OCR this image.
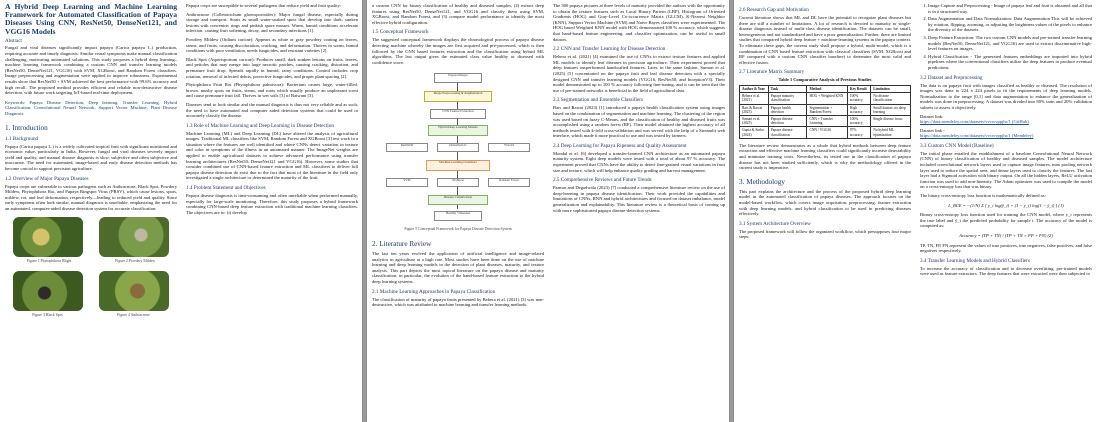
A Hybrid Deep Learning and Machine Learning Framework for Automated Classification of Papaya Diseases Using CNN, ResNet50, DenseNet121, and VGG16 Models
Abstract

Fungal and viral diseases significantly impact papaya (Carica papaya L.) production, requiring accurate and timely diagnosis. Similar visual symptoms make manual classification challenging, motivating automated solutions. This study proposes a hybrid deep learning–machine learning framework combining a custom CNN and transfer learning models (ResNet50, DenseNet121, VGG16) with SVM, XGBoost, and Random Forest classifiers. Image preprocessing and augmentation were applied to improve robustness. Experimental results show that ResNet50 + SVM achieved the best performance with 99.6% accuracy and high recall. The proposed method provides efficient and reliable non-destructive disease detection, with future work targeting IoT-based real-time deployment.

Keywords: Papaya Disease Detection, Deep learning, Transfer Learning, Hybrid Classification, Convolutional Neural Network, Support Vector Machine, Plant Disease Diagnosis.

1. Introduction
1.1 Background

Papaya (Carica papaya L.) is a widely cultivated tropical fruit with significant nutritional and economic value, particularly in India. However, fungal and viral diseases severely impact yield and quality, and manual disease diagnosis is slow, subjective and often subjective and inaccurate. The need for automated, image-based and early disease detection methods has become crucial to support precision agriculture.

1.2 Overview of Major Papaya Diseases

Papaya crops are vulnerable to various pathogens such as Anthracnose, Black Spot, Powdery Mildew, Phytophthora Rot, and Papaya Ringspot Virus (PRSV), which cause lesions, spots, mildew, rot, and leaf deformation, respectively—leading to reduced yield and quality. Since early symptoms often look similar, manual diagnosis is unreliable, emphasizing the need for an automated, computer-aided disease detection system for accurate classification.

Figure 1 Phytophthora Blight	Figure 2 Powdery Mildew
Figure 3 Black Spot	Figure 4 Anthracnose

Papaya crops are susceptible to several pathogens that reduce yield and fruit quality:

Anthracnose (Colletotrichum gloeosporioides): Major fungal disease, especially during storage and transport. Starts as small water-soaked spots that develop into dark, sunken lesions with concentric rings and pinkish spore masses. Warm, humid conditions accelerate infection, causing fruit softening, decay, and secondary infections [1].

Powdery Mildew (Oidium caricae): Appears as white or gray powdery coating on leaves, stems, and fruits, causing discoloration, cracking, and deformation. Thrives in warm, humid conditions with poor ventilation, needs fungicides, and resistant varieties [2].

Black Spot (Asperisporium caricae): Produces small, dark sunken lesions on fruits, leaves, and petioles that may merge into large necrotic patches, causing cracking, distortion, and premature fruit drop. Spreads rapidly in humid, rainy conditions. Control includes crop rotation, removal of infected debris, protective fungicides, and proper plant spacing [2].

Phytophthora Fruit Rot (Phytophthora palmivora): Bacterium causes large, water-filled, brown, mushy spots on fruits, stems, and roots which usually produce an unpleasant scent and cause premature fruit fall. Thrives in wet soils [3] of Batwani [3].

Diseases tend to look similar and the manual diagnosis is thus not very reliable and as such, the need to have automated and computer aided detection systems that could be used to accurately classify the disease.

1.3 Role of Machine Learning and Deep Learning in Disease Detection

Machine Learning (ML) and Deep Learning (DL) have altered the analysis of agricultural images. Traditional ML classifiers like SVM, Random Forest and XGBoost [3] test work in a situation where the features are well identified and where CNNs detect variation in texture and color in symptoms of the illness in an automated manner. The ImageNet weights are applied to enable agricultural datasets to achieve advanced performance using transfer learning architectures (ResNet50, DenseNet121 and VGG16). However, some studies that consider combined use of CNN-based feature extraction and ML classifiers to deliver full papaya disease detection do exist due to the fact that most of the literature in the field only investigated a single architecture or determined the maturity of the fruit.

1.4 Problem Statement and Objectives

Papaya disease diagnosis is time-consuming and often unreliable when performed manually, especially for large-scale monitoring. Therefore, this study proposes a hybrid framework combining CNN-based deep feature extraction with traditional machine learning classifiers. The objectives are to: (i) develop

a custom CNN for binary classification of healthy and diseased samples, (2) extract deep features using ResNet50, DenseNet121, and VGG16 and classify them using SVM, XGBoost, and Random Forest, and (3) compare model performance to identify the most effective hybrid configuration.

1.5 Conceptual Framework

The suggested conceptual framework displays the chronological process of papaya disease detecting machine whereby the images are first acquired and pre-processed, which is then followed by the CNN based features extraction and the classification using hybrid ML algorithms. The last output gives the estimated class value healthy or diseased with confidence score.

Papaya Images
Image Preprocessing & Augmentation
CNN Feature Extraction
Hybrid Deep Learning Models
ResNet50	DenseNet121	VGG16
Machine Learning Classifiers
SVM	XGBoost	Random Forest
Disease Classification
Healthy / Diseased
Figure 5 Conceptual Framework for Papaya Disease Detection System
2. Literature Review

The last ten years evolved the application of artificial intelligence and image-related analytics in agriculture at a high rate. Most studies have been done on the use of machine learning and deep learning models in the detection of plant diseases, maturity, and texture analysis. This part depicts the most topical literature on the papaya disease and maturity classification, in particular, the evolution of the hand-based feature extraction to the hybrid deep learning systems.

2.1 Machine Learning Approaches in Papaya Classification

The classification of maturity of papaya fruits presented by Behera et al. (2021) [3] was non-destructive, which was attributed to machine learning and transfer learning methods.

The 300 papaya pictures at three levels of maturity provided the authors with the opportunity to obtain the texture features such as Local Binary Pattern (LBP), Histogram of Oriented Gradients (HOG) and Gray-Level Co-occurrence Matrix (GLCM). K-Nearest Neighbor (KNN), Support Vector Machine (SVM) and Naive Bayes classifiers were experimented. The HOG based Weighted KNN model with HOG demonstrated 100 % accuracy, which suggests that hand-based feature engineering, and classifier optimization, can be useful in small dataset.

2.2 CNN and Transfer Learning for Disease Detection

Behera et al. (2021) [4] examined the use of CNNs to extract texture features and applied ML models to identify leaf diseases in precision agriculture. Their experiment proved that deep features outperformed handcrafted features. Later, in the same fashion, Sumari et al. (2025) [5] concentrated on the papaya fruit and leaf disease detection with a specially designed CNN and transfer learning models (VGG16, ResNet50, and InceptionV3). Their model demonstrated up to 100 % accuracy following fine-tuning, and it can be seen that the use of pre-trained networks is beneficial in the field of agricultural data.

2.3 Segmentation and Ensemble Classifiers

Bais and Rawat (2023) [1] introduced a papaya health classification system using images based on the combination of segmentation and machine learning. The clustering of the region was used based on fuzzy C-Means, and the classification of healthy and diseased fruits was accomplished using a random forest (RF). Their model obtained the highest accuracy of all methods tested with k-fold cross-validation and was served with the help of a Streamlit web interface, which made it more practical to use and was tested by farmers.

2.4 Deep Learning for Papaya Ripeness and Quality Assessment

Mondal et al. [6] developed a transfer-learned CNN architecture as an automated papaya maturity system. Eight deep models were tested with a total of about 97 % accuracy. The experiment proved that CNNs have the ability to detect fine-grained visual variations in fruit size and texture, which will help enhance quality grading and harvest management.

2.5 Comprehensive Reviews and Future Trends

Parmar and Degadwala (2023) [7] conducted a comprehensive literature review on the use of deep-learning in papaya disease identification. Their work provided the capabilities and limitations of CNNs, RNN and hybrid architectures and focused on dataset imbalance, model generalization and explainability. This literature review is a theoretical basis of coming up with more sophisticated papaya disease-detection systems.

2.6 Research Gap and Motivation

Current literature shows that ML and DL have the potential to recognize plant diseases but there are still a number of limitations. A lot of research is devoted to maturity or single-disease diagnosis instead of multi-class disease identification. The datasets can be small, heterogeneous and not standardized and have a poor generalization. Further, there are limited studies that compared hybrid deep feature + machine-learning systems in the papaya context. To eliminate these gaps, the current study shall propose a hybrid, multi-model, which is a combination of CNN based feature extraction with classical classifiers (SVM, XGBoost and RF compared with a custom CNN classifier baseline) to determine the most valid and effective fusion.

2.7 Literature Matrix Summary
Table 1 Comparative Analysis of Previous Studies
Author & Year	Task	Method	Key Result	Limitation
Behera et al. (2021)	Papaya maturity classification	HOG + Weighted KNN	100% accuracy	No disease classification
Bais & Rawat (2023)	Papaya health detection	Segmentation + Random Forest	High accuracy	Small dataset; no deep learning
Sumari et al. (2025)	Papaya disease detection	CNN + Transfer Learning	100% accuracy	Single disease focus
Gupta & Sinha (2024)	Papaya disease classification	CNN / VGG16	97% accuracy	No hybrid ML optimization

The literature review demonstrates as a whole that hybrid methods between deep feature extraction and effective machine learning classifiers could significantly increase detectability and minimize training costs. Nevertheless, its tested use in the classification of papaya disease has not been studied sufficiently, which is why the methodology offered in the current study is imperative.

3. Methodology

This part explains the architecture and the process of the proposed hybrid deep learning model in the automated classification of papaya diseases. The approach focuses on the model-based workflow, which covers image acquisition, preprocessing, feature extraction with deep learning models, and hybrid classification to be used in predicting diseases effectively.

3.1 System Architecture Overview

The proposed framework will follow the organized workflow, which presupposes four major steps:

1. Image Capture and Preprocessing - Image of papaya leaf and fruit is obtained and all that is in a structured way.
2. Data Augmentation and Data Normalization: Data Augmentation This will be achieved by rotation, flipping, zooming, or adjusting the brightness values of the pixels to enhance the diversity of the datasets.
3. Deep Feature Extraction: The two custom CNN models and pre-trained transfer learning models (ResNet50, DenseNet121, and VGG16) are used to extract discriminative high-level features on images.
4. Hybrid Classification - The generated features embeddings are imported into hybrid pipelines where the conventional classifiers utilize the deep features to produce eventual predictions.
3.2 Dataset and Preprocessing

The data is on papaya fruit with images classified as healthy or diseased. The resolution of images was done to 224 x 224 pixels to fit the requirements of deep learning models. Normalization to the range [0,1] and data augmentation to enhance the generalization of models was done in preprocessing. A dataset was divided into 80% train and 20% validation subsets to assess it objectively.

Dataset link:

https://data.mendeley.com/datasets/vvcwvppjhr/1 (GitHub)

Dataset link -

https://data.mendeley.com/datasets/vvcwvppjhr/1 (Mendeley)

3.3 Custom CNN Model (Baseline)

The initial phase entailed the establishment of a baseline Convolutional Neural Network (CNN) of binary classification of healthy and diseased samples. The model architecture included convolutional network layers used to capture image features, max pooling network layer used to reduce the spatial area, and dense layers used to classify the features. The last layer had a Sigmoid activation with binary output. On all the hidden layers, ReLU activation function was used to add non-linearity. The Adam optimizer was used to compile the model on a cross-entropy loss that was binary.

The binary cross-entropy loss function is mathematically defined as:

L_BCE = −(1/N) Σ [ y_i log(ŷ_i) + (1 − y_i) log(1 − ŷ_i) ] (1)

Binary cross-entropy loss function used for training the CNN model, where y_i represents the true label and ŷ_i the predicted probability for sample i. The accuracy of the model is computed as:

Accuracy = (TP + TN) / (TP + TN + FP + FN) (2)

TP, TN, FP, FN represent the values of true positives, true negatives, false positives, and false negatives respectively.

3.4 Transfer Learning Models and Hybrid Classifiers

To increase the accuracy of classification and to decrease overfitting, pre-trained models were used as feature extractors. The deep features that were extracted were then subjected to
